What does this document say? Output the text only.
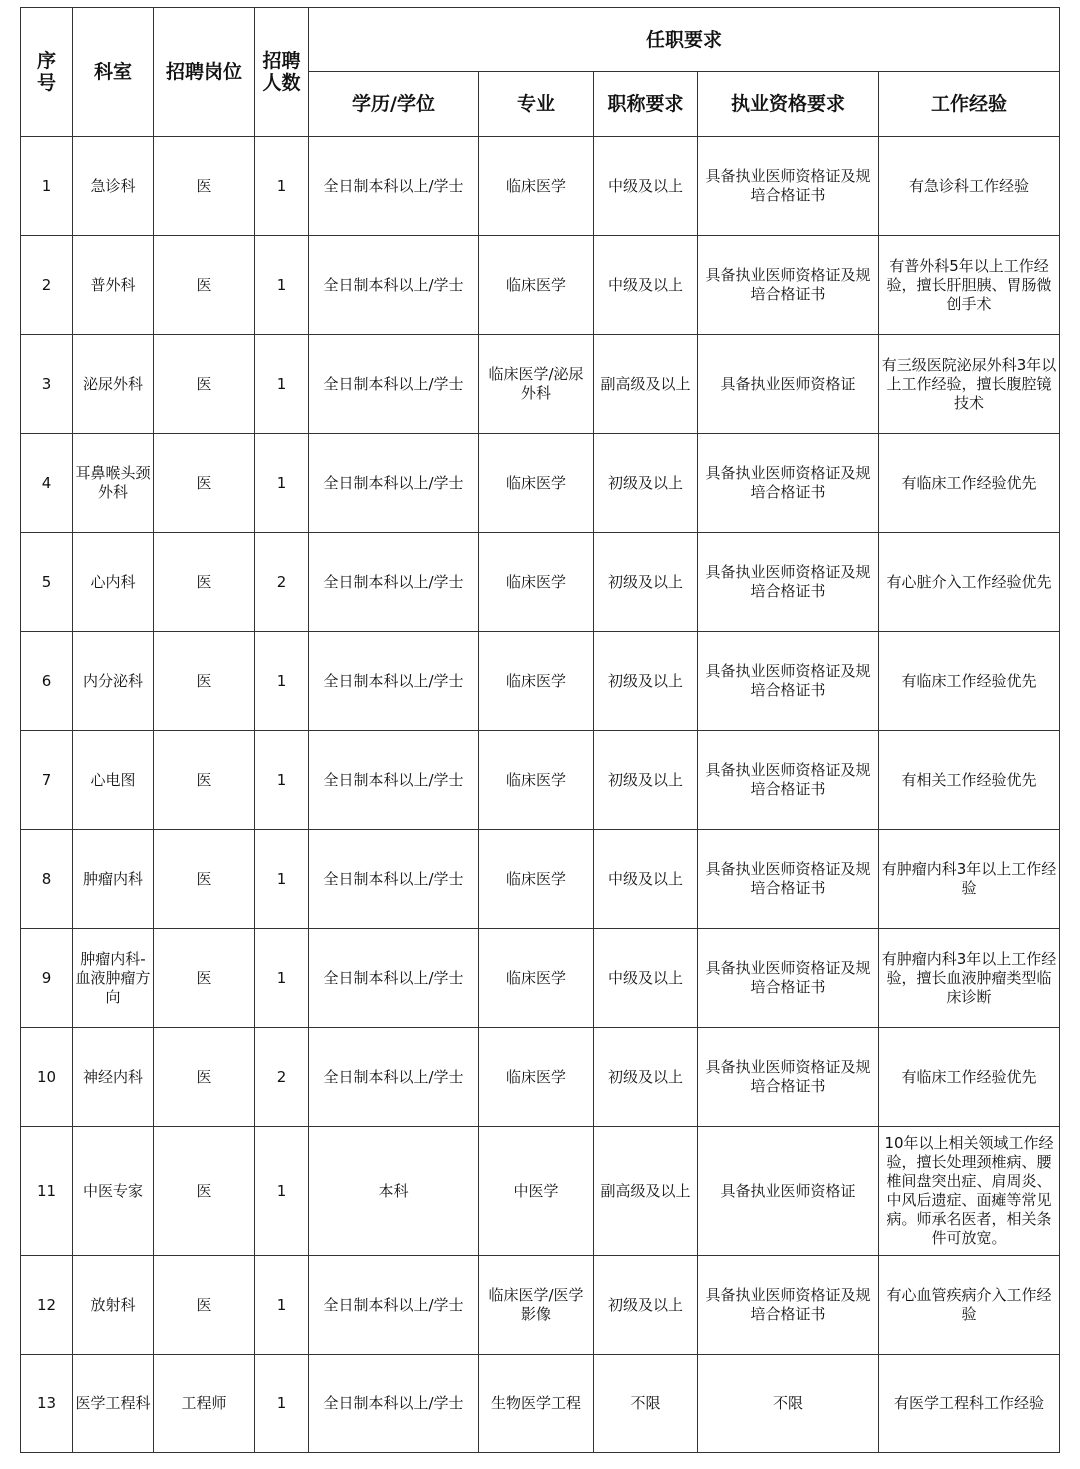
序号	科室	招聘岗位	招聘人数	任职要求				
				学历/学位	专业	职称要求	执业资格要求	工作经验
1	急诊科	医	1	全日制本科以上/学士	临床医学	中级及以上	具备执业医师资格证及规培合格证书	有急诊科工作经验
2	普外科	医	1	全日制本科以上/学士	临床医学	中级及以上	具备执业医师资格证及规培合格证书	有普外科5年以上工作经验，擅长肝胆胰、胃肠微创手术
3	泌尿外科	医	1	全日制本科以上/学士	临床医学/泌尿外科	副高级及以上	具备执业医师资格证	有三级医院泌尿外科3年以上工作经验，擅长腹腔镜技术
4	耳鼻喉头颈外科	医	1	全日制本科以上/学士	临床医学	初级及以上	具备执业医师资格证及规培合格证书	有临床工作经验优先
5	心内科	医	2	全日制本科以上/学士	临床医学	初级及以上	具备执业医师资格证及规培合格证书	有心脏介入工作经验优先
6	内分泌科	医	1	全日制本科以上/学士	临床医学	初级及以上	具备执业医师资格证及规培合格证书	有临床工作经验优先
7	心电图	医	1	全日制本科以上/学士	临床医学	初级及以上	具备执业医师资格证及规培合格证书	有相关工作经验优先
8	肿瘤内科	医	1	全日制本科以上/学士	临床医学	中级及以上	具备执业医师资格证及规培合格证书	有肿瘤内科3年以上工作经验
9	肿瘤内科-血液肿瘤方向	医	1	全日制本科以上/学士	临床医学	中级及以上	具备执业医师资格证及规培合格证书	有肿瘤内科3年以上工作经验，擅长血液肿瘤类型临床诊断
10	神经内科	医	2	全日制本科以上/学士	临床医学	初级及以上	具备执业医师资格证及规培合格证书	有临床工作经验优先
11	中医专家	医	1	本科	中医学	副高级及以上	具备执业医师资格证	10年以上相关领域工作经验，擅长处理颈椎病、腰椎间盘突出症、肩周炎、中风后遗症、面瘫等常见病。师承名医者，相关条件可放宽。
12	放射科	医	1	全日制本科以上/学士	临床医学/医学影像	初级及以上	具备执业医师资格证及规培合格证书	有心血管疾病介入工作经验
13	医学工程科	工程师	1	全日制本科以上/学士	生物医学工程	不限	不限	有医学工程科工作经验
